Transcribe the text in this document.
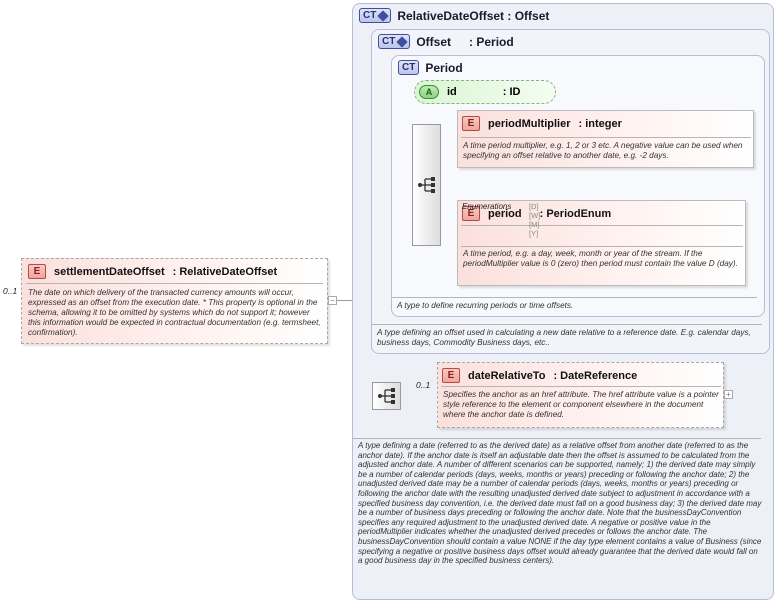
0..1
E	settlementDateOffset : RelativeDateOffset
The date on which delivery of the transacted currency amounts will occur, expressed as an offset from the execution date. * This property is optional in the schema, allowing it to be omitted by systems which do not support it; however this information would be expected in contractual documentation (e.g. termsheet, confirmation).
−
CT RelativeDateOffset : Offset
A type defining a date (referred to as the derived date) as a relative offset from another date (referred to as the anchor date). If the anchor date is itself an adjustable date then the offset is assumed to be calculated from the adjusted anchor date. A number of different scenarios can be supported, namely; 1) the derived date may simply be a number of calendar periods (days, weeks, months or years) preceding or following the anchor date; 2) the unadjusted derived date may be a number of calendar periods (days, weeks, months or years) preceding or following the anchor date with the resulting unadjusted derived date subject to adjustment in accordance with a specified business day convention, i.e. the derived date must fall on a good business day; 3) the derived date may be a number of business days preceding or following the anchor date. Note that the businessDayConvention specifies any required adjustment to the unadjusted derived date. A negative or positive value in the periodMultiplier indicates whether the unadjusted derived precedes or follows the anchor date. The businessDayConvention should contain a value NONE if the day type element contains a value of Business (since specifying a negative or positive business days offset would already guarantee that the derived date would fall on a good business day in the specified business centers).
CT Offset : Period
A type defining an offset used in calculating a new date relative to a reference date. E.g. calendar days, business days, Commodity Business days, etc..
CT Period
A type to define recurring periods or time offsets.
A	id	: ID
E	periodMultiplier : integer
A time period multiplier, e.g. 1, 2 or 3 etc. A negative value can be used when specifying an offset relative to another date, e.g. -2 days.
E	period : PeriodEnum
A time period, e.g. a day, week, month or year of the stream. If the periodMultiplier value is 0 (zero) then period must contain the value D (day).
Enumerations [D]
[W]
[M]
[Y]
0..1
E	dateRelativeTo : DateReference
Specifies the anchor as an href attribute. The href attribute value is a pointer style reference to the element or component elsewhere in the document where the anchor date is defined.
+
